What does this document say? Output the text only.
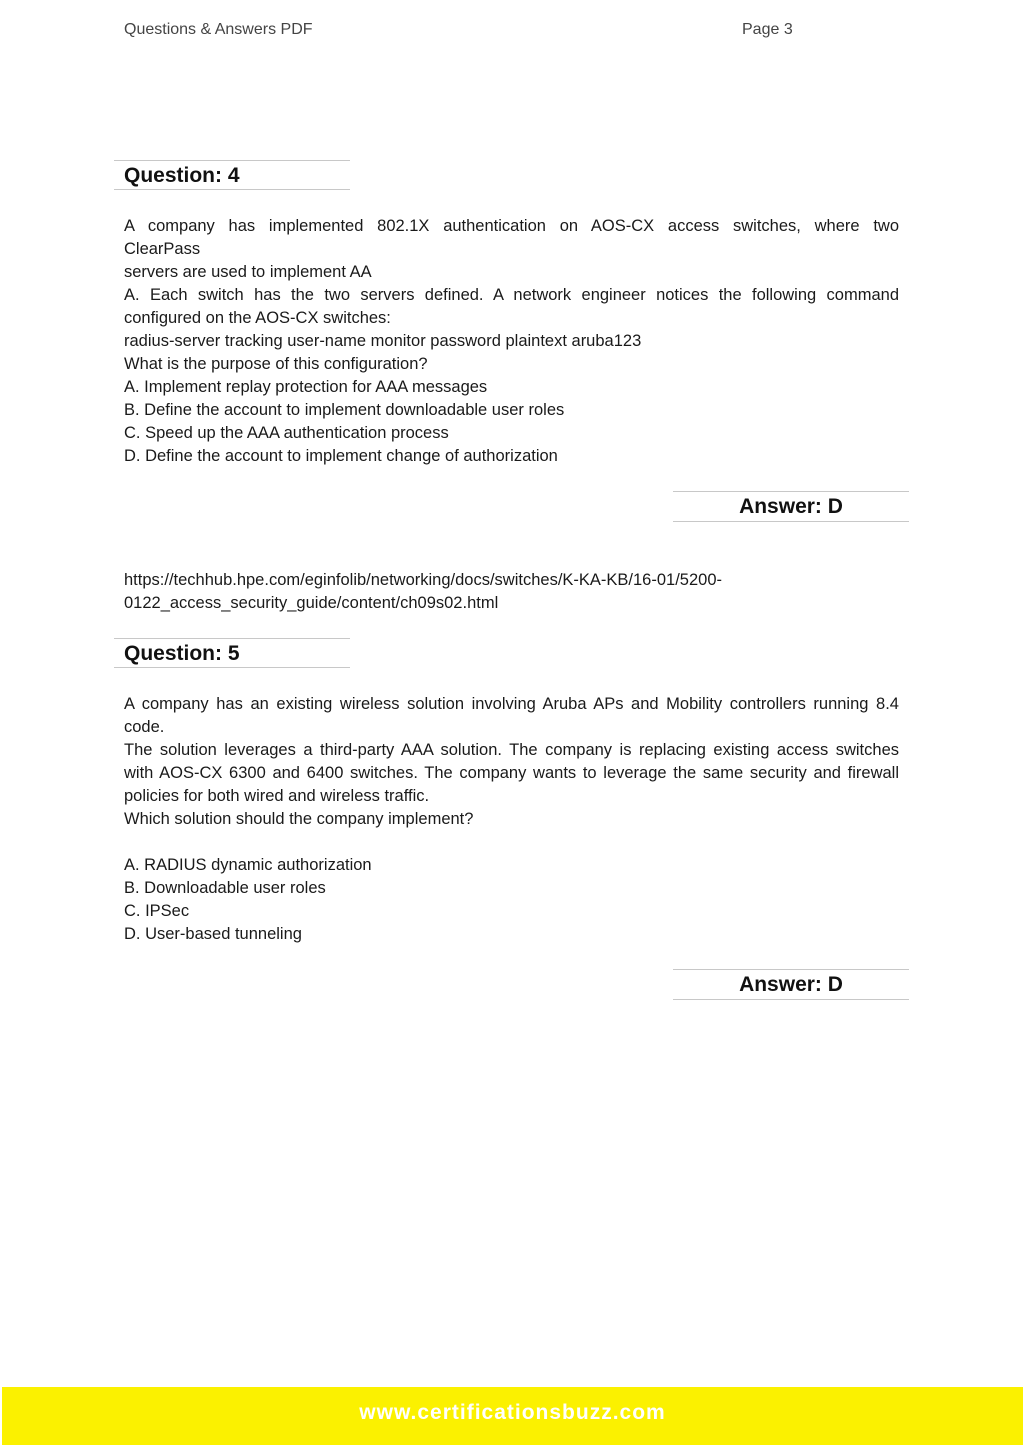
Questions & Answers PDF	Page 3
Question: 4
A company has implemented 802.1X authentication on AOS-CX access switches, where two
ClearPass
servers are used to implement AA
A. Each switch has the two servers defined. A network engineer notices the following command
configured on the AOS-CX switches:
radius-server tracking user-name monitor password plaintext aruba123
What is the purpose of this configuration?
A. Implement replay protection for AAA messages
B. Define the account to implement downloadable user roles
C. Speed up the AAA authentication process
D. Define the account to implement change of authorization
Answer: D
https://techhub.hpe.com/eginfolib/networking/docs/switches/K-KA-KB/16-01/5200-
0122_access_security_guide/content/ch09s02.html
Question: 5
A company has an existing wireless solution involving Aruba APs and Mobility controllers running 8.4
code.
The solution leverages a third-party AAA solution. The company is replacing existing access switches
with AOS-CX 6300 and 6400 switches. The company wants to leverage the same security and firewall
policies for both wired and wireless traffic.
Which solution should the company implement?
A. RADIUS dynamic authorization
B. Downloadable user roles
C. IPSec
D. User-based tunneling
Answer: D
www.certificationsbuzz.com
